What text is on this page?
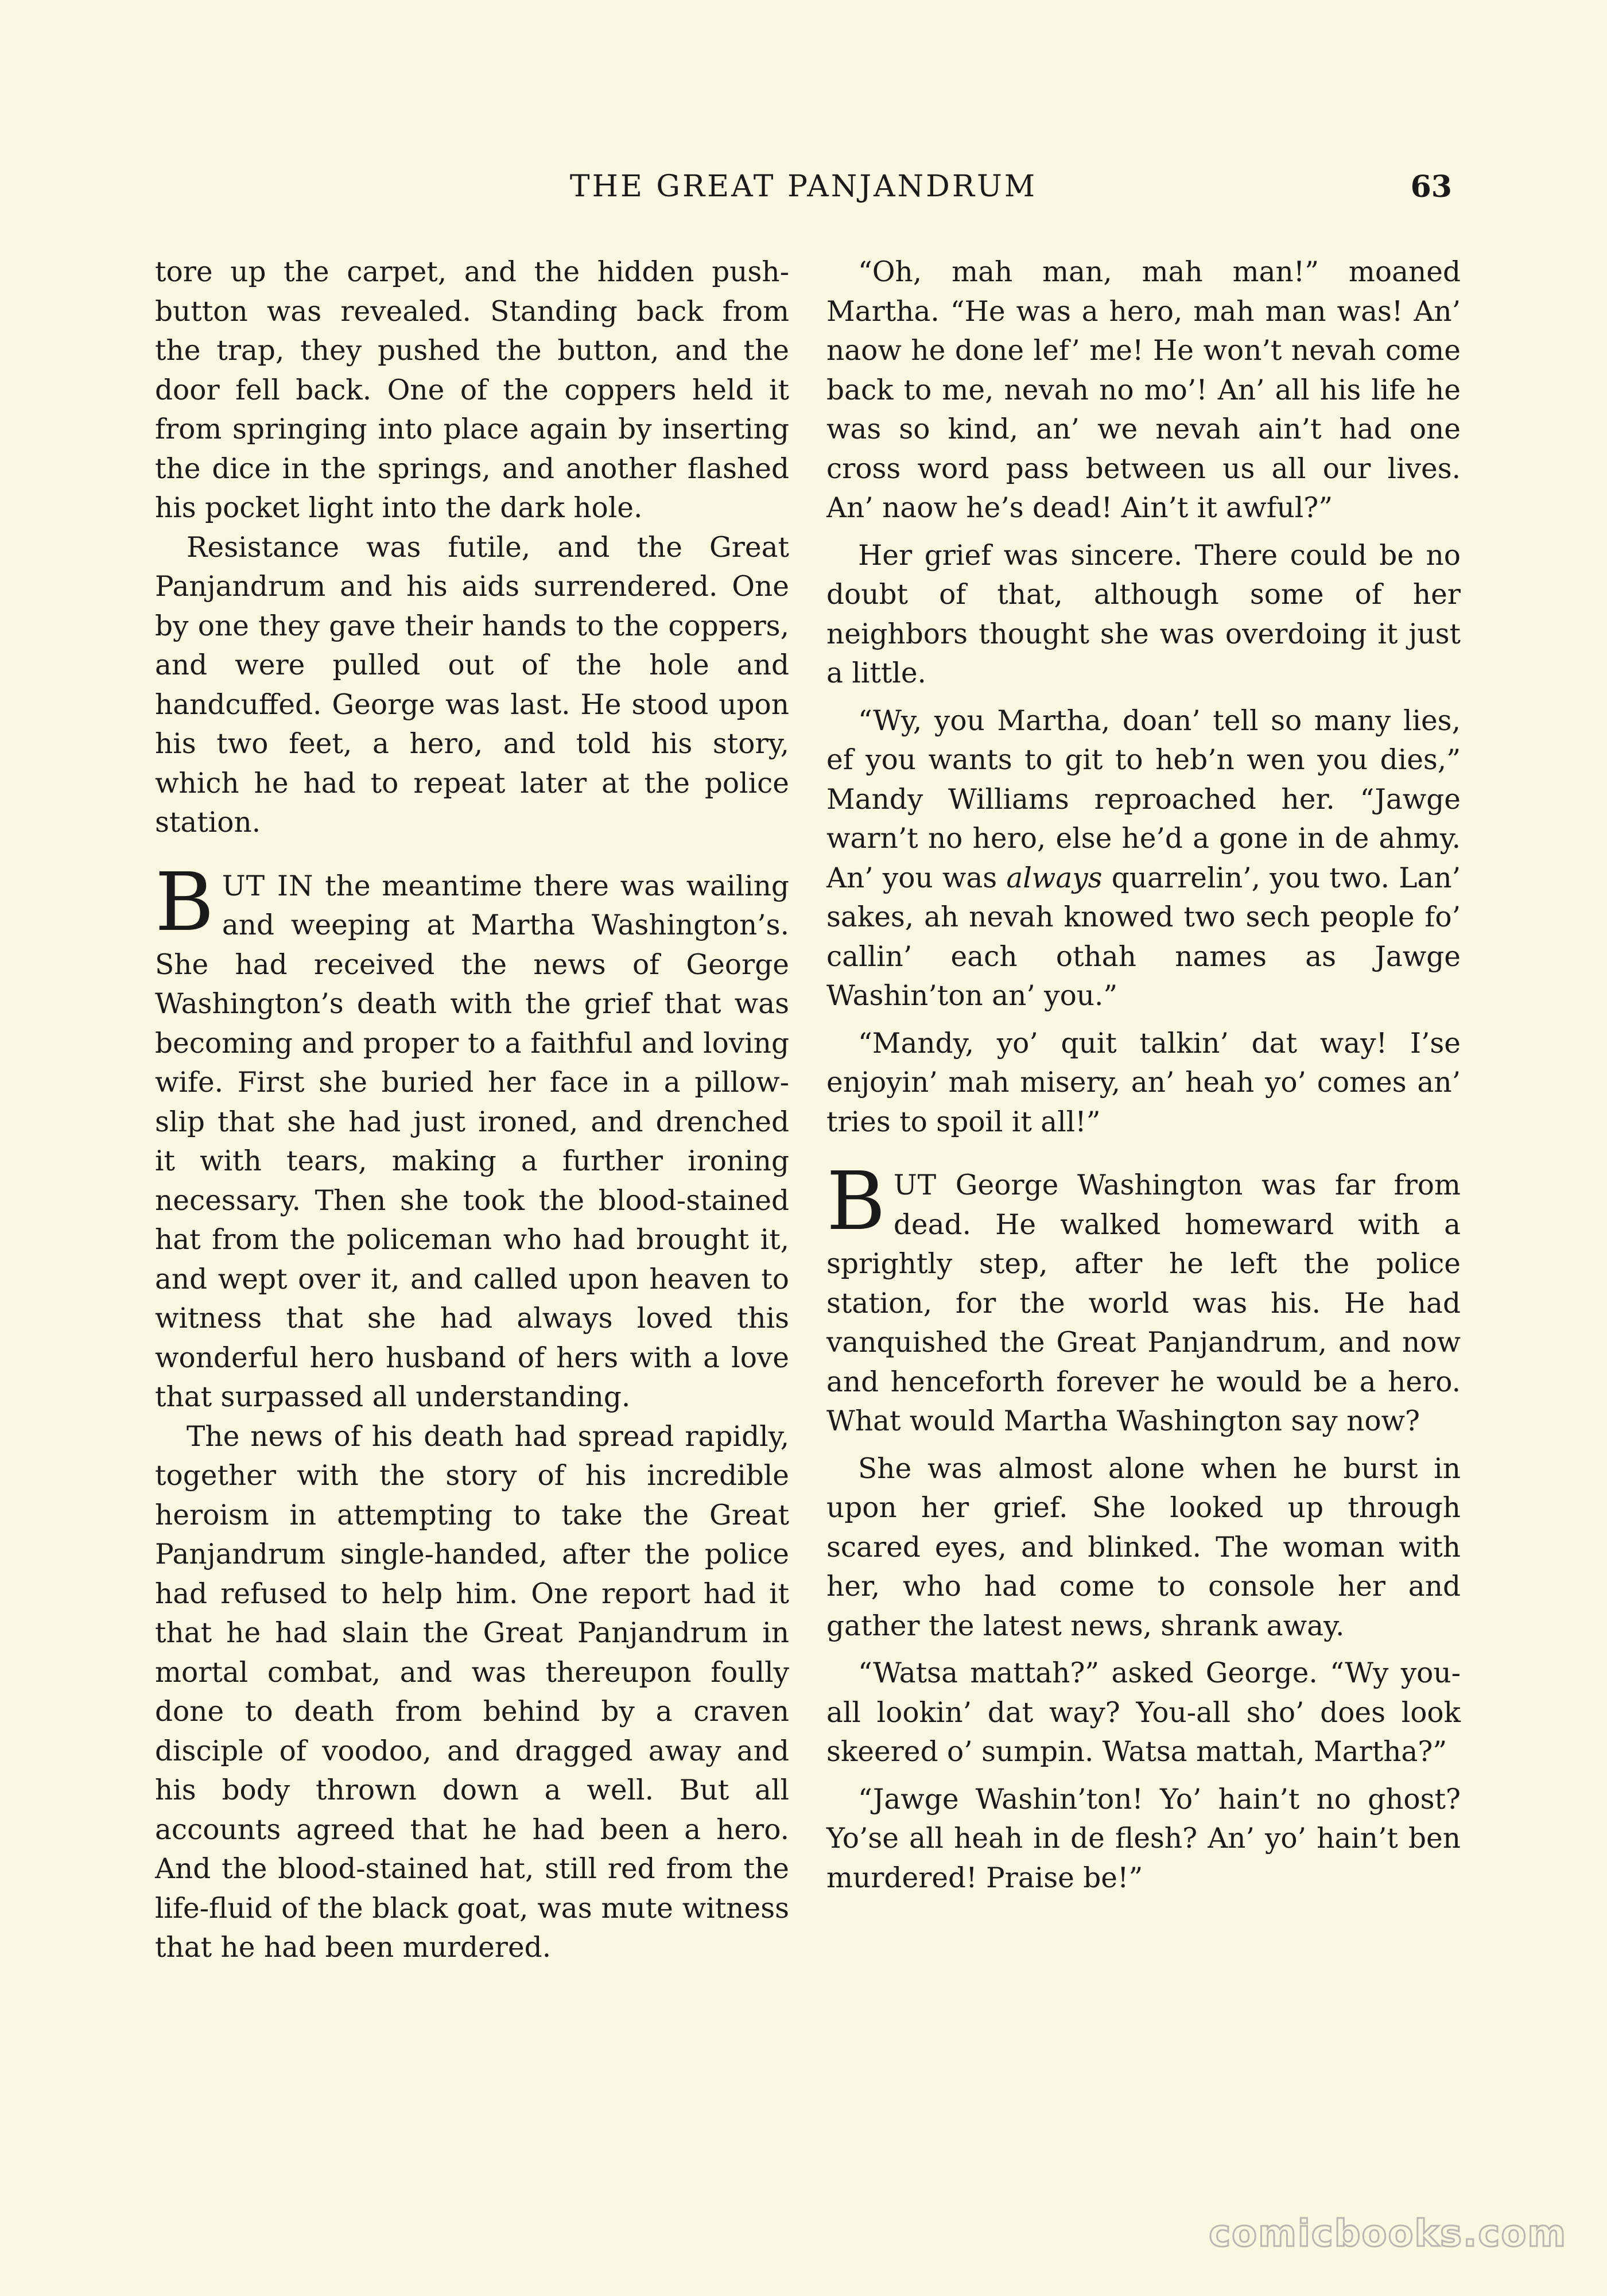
THE GREAT PANJANDRUM	63

tore up the carpet, and the hidden push-button was revealed. Standing back from the trap, they pushed the button, and the door fell back. One of the coppers held it from springing into place again by inserting the dice in the springs, and another flashed his pocket light into the dark hole.

Resistance was futile, and the Great Panjandrum and his aids surrendered. One by one they gave their hands to the coppers, and were pulled out of the hole and handcuffed. George was last. He stood upon his two feet, a hero, and told his story, which he had to repeat later at the police station.

BUT IN the meantime there was wailing and weeping at Martha Washington’s. She had received the news of George Washington’s death with the grief that was becoming and proper to a faithful and loving wife. First she buried her face in a pillow-slip that she had just ironed, and drenched it with tears, making a further ironing necessary. Then she took the blood-stained hat from the policeman who had brought it, and wept over it, and called upon heaven to witness that she had always loved this wonderful hero husband of hers with a love that surpassed all understanding.

The news of his death had spread rapidly, together with the story of his incredible heroism in attempting to take the Great Panjandrum single-handed, after the police had refused to help him. One report had it that he had slain the Great Panjandrum in mortal combat, and was thereupon foully done to death from behind by a craven disciple of voodoo, and dragged away and his body thrown down a well. But all accounts agreed that he had been a hero. And the blood-stained hat, still red from the life-fluid of the black goat, was mute witness that he had been murdered.

“Oh, mah man, mah man!” moaned Martha. “He was a hero, mah man was! An’ naow he done lef’ me! He won’t nevah come back to me, nevah no mo’! An’ all his life he was so kind, an’ we nevah ain’t had one cross word pass between us all our lives. An’ naow he’s dead! Ain’t it awful?”

Her grief was sincere. There could be no doubt of that, although some of her neighbors thought she was overdoing it just a little.

“Wy, you Martha, doan’ tell so many lies, ef you wants to git to heb’n wen you dies,” Mandy Williams reproached her. “Jawge warn’t no hero, else he’d a gone in de ahmy. An’ you was always quarrelin’, you two. Lan’ sakes, ah nevah knowed two sech people fo’ callin’ each othah names as Jawge Washin’ton an’ you.”

“Mandy, yo’ quit talkin’ dat way! I’se enjoyin’ mah misery, an’ heah yo’ comes an’ tries to spoil it all!”

BUT George Washington was far from dead. He walked homeward with a sprightly step, after he left the police station, for the world was his. He had vanquished the Great Panjandrum, and now and henceforth forever he would be a hero. What would Martha Washington say now?

She was almost alone when he burst in upon her grief. She looked up through scared eyes, and blinked. The woman with her, who had come to console her and gather the latest news, shrank away.

“Watsa mattah?” asked George. “Wy you-all lookin’ dat way? You-all sho’ does look skeered o’ sumpin. Watsa mattah, Martha?”

“Jawge Washin’ton! Yo’ hain’t no ghost? Yo’se all heah in de flesh? An’ yo’ hain’t ben murdered! Praise be!”

comicbooks.com
